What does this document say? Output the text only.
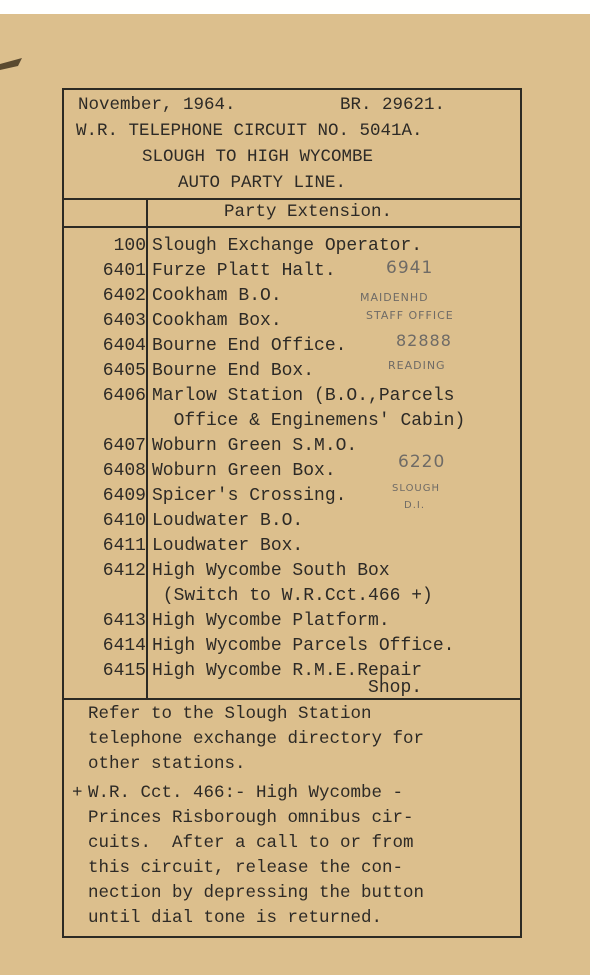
November, 1964.	BR. 29621.
W.R. TELEPHONE CIRCUIT NO. 5041A.
SLOUGH TO HIGH WYCOMBE
AUTO PARTY LINE.
Party Extension.
100 Slough Exchange Operator.
6401 Furze Platt Halt.
6402 Cookham B.O.
6403 Cookham Box.
6404 Bourne End Office.
6405 Bourne End Box.
6406 Marlow Station (B.O.,Parcels
Office & Enginemens' Cabin)
6407 Woburn Green S.M.O.
6408 Woburn Green Box.
6409 Spicer's Crossing.
6410 Loudwater B.O.
6411 Loudwater Box.
6412 High Wycombe South Box
(Switch to W.R.Cct.466 +)
6413 High Wycombe Platform.
6414 High Wycombe Parcels Office.
6415 High Wycombe R.M.E.Repair
Shop.
6941
MAIDENHD
STAFF OFFICE
82888
READING
6220
SLOUGH
D.I.
Refer to the Slough Station
telephone exchange directory for
other stations.
+ W.R. Cct. 466:- High Wycombe -
Princes Risborough omnibus cir-
cuits.  After a call to or from
this circuit, release the con-
nection by depressing the button
until dial tone is returned.
